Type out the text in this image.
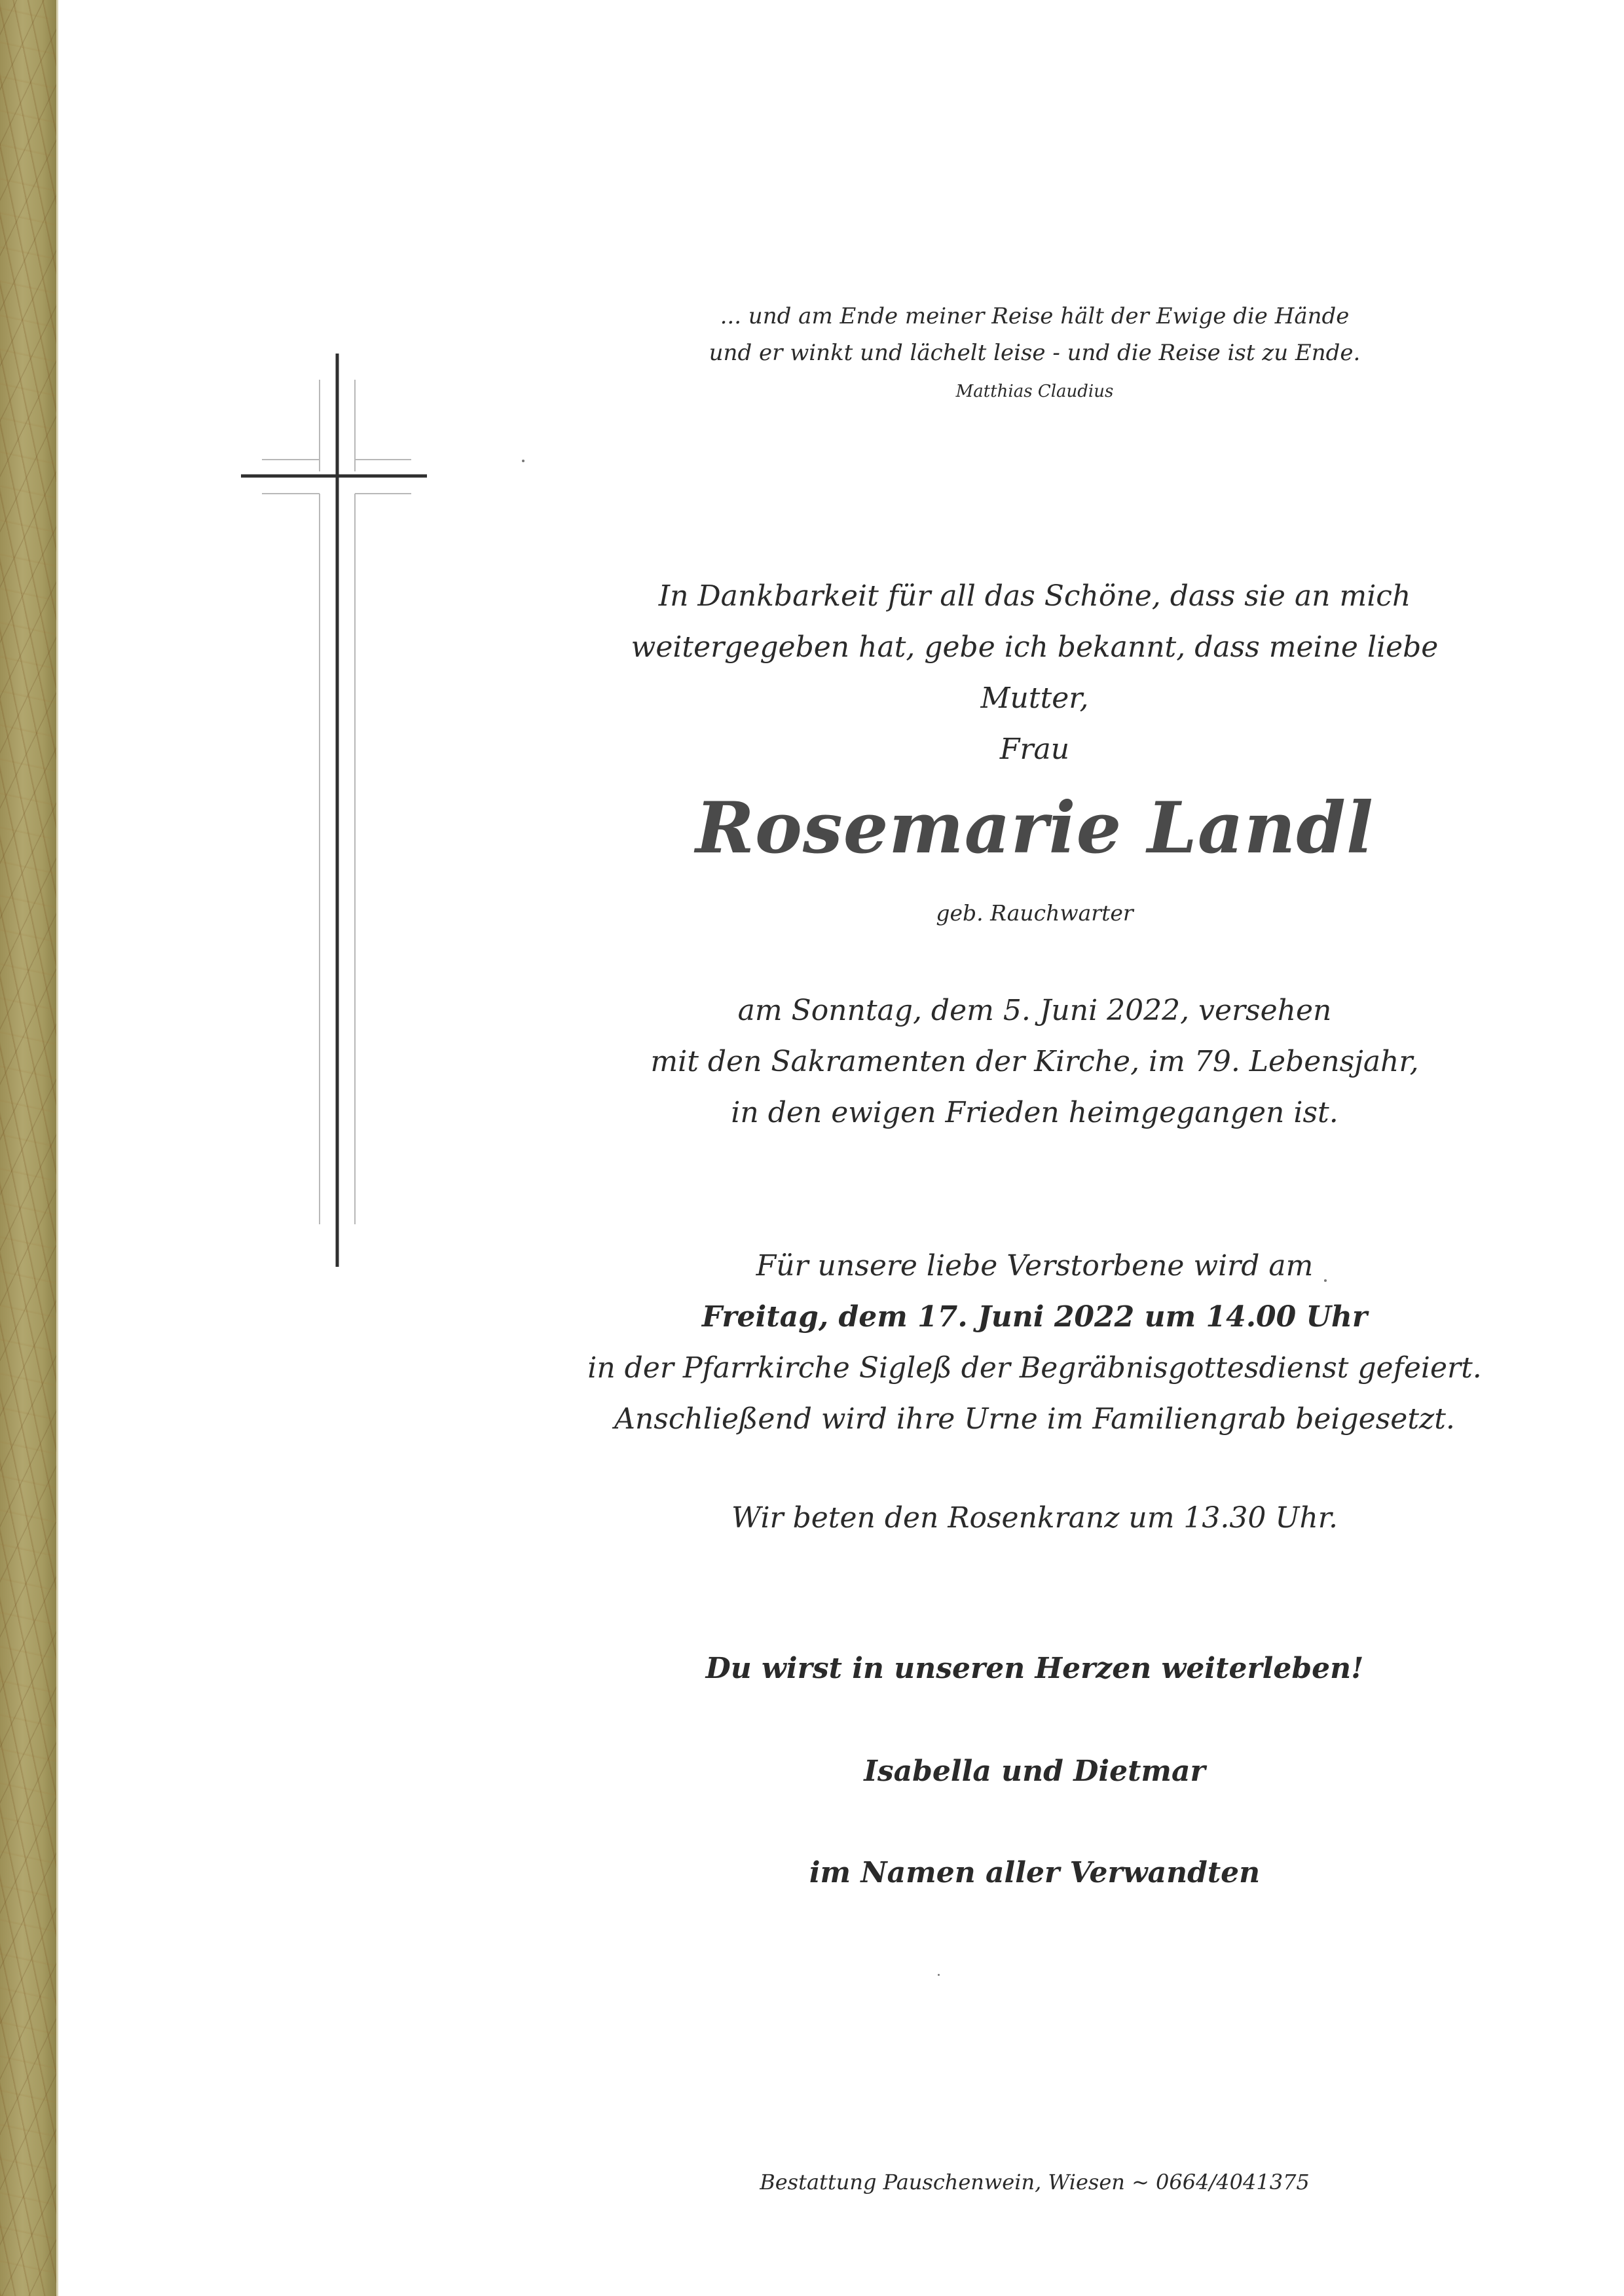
... und am Ende meiner Reise hält der Ewige die Hände
und er winkt und lächelt leise - und die Reise ist zu Ende.
Matthias Claudius
In Dankbarkeit für all das Schöne, dass sie an mich
weitergegeben hat, gebe ich bekannt, dass meine liebe Mutter,
Frau
Rosemarie Landl
geb. Rauchwarter
am Sonntag, dem 5. Juni 2022, versehen
mit den Sakramenten der Kirche, im 79. Lebensjahr,
in den ewigen Frieden heimgegangen ist.
Für unsere liebe Verstorbene wird am
Freitag, dem 17. Juni 2022 um 14.00 Uhr
in der Pfarrkirche Sigleß der Begräbnisgottesdienst gefeiert.
Anschließend wird ihre Urne im Familiengrab beigesetzt.
Wir beten den Rosenkranz um 13.30 Uhr.
Du wirst in unseren Herzen weiterleben!
Isabella und Dietmar
im Namen aller Verwandten
Bestattung Pauschenwein, Wiesen ~ 0664/4041375
